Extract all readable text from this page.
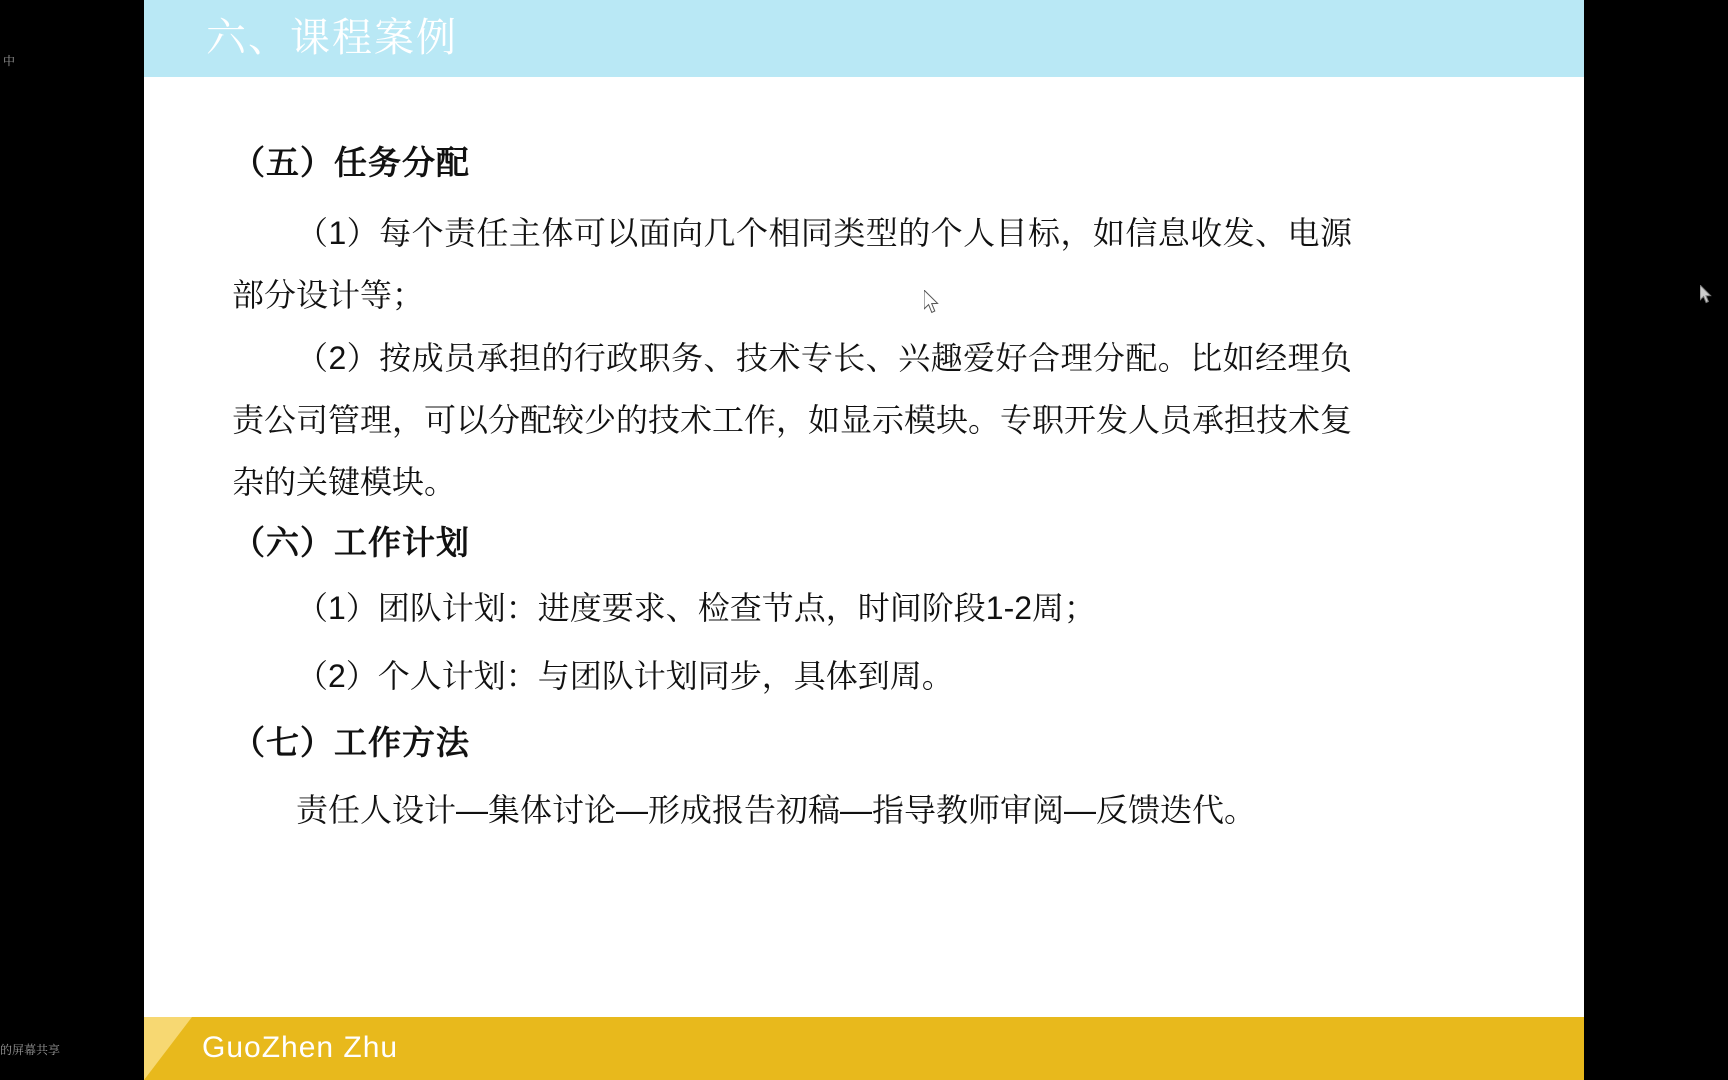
中
的屏幕共享
六、课程案例
（五）任务分配
（1）每个责任主体可以面向几个相同类型的个人目标，如信息收发、电源部分设计等；
（2）按成员承担的行政职务、技术专长、兴趣爱好合理分配。比如经理负责公司管理，可以分配较少的技术工作，如显示模块。专职开发人员承担技术复杂的关键模块。
（六）工作计划
（1）团队计划：进度要求、检查节点，时间阶段1-2周；
（2）个人计划：与团队计划同步，具体到周。
（七）工作方法
责任人设计—集体讨论—形成报告初稿—指导教师审阅—反馈迭代。
GuoZhen Zhu
